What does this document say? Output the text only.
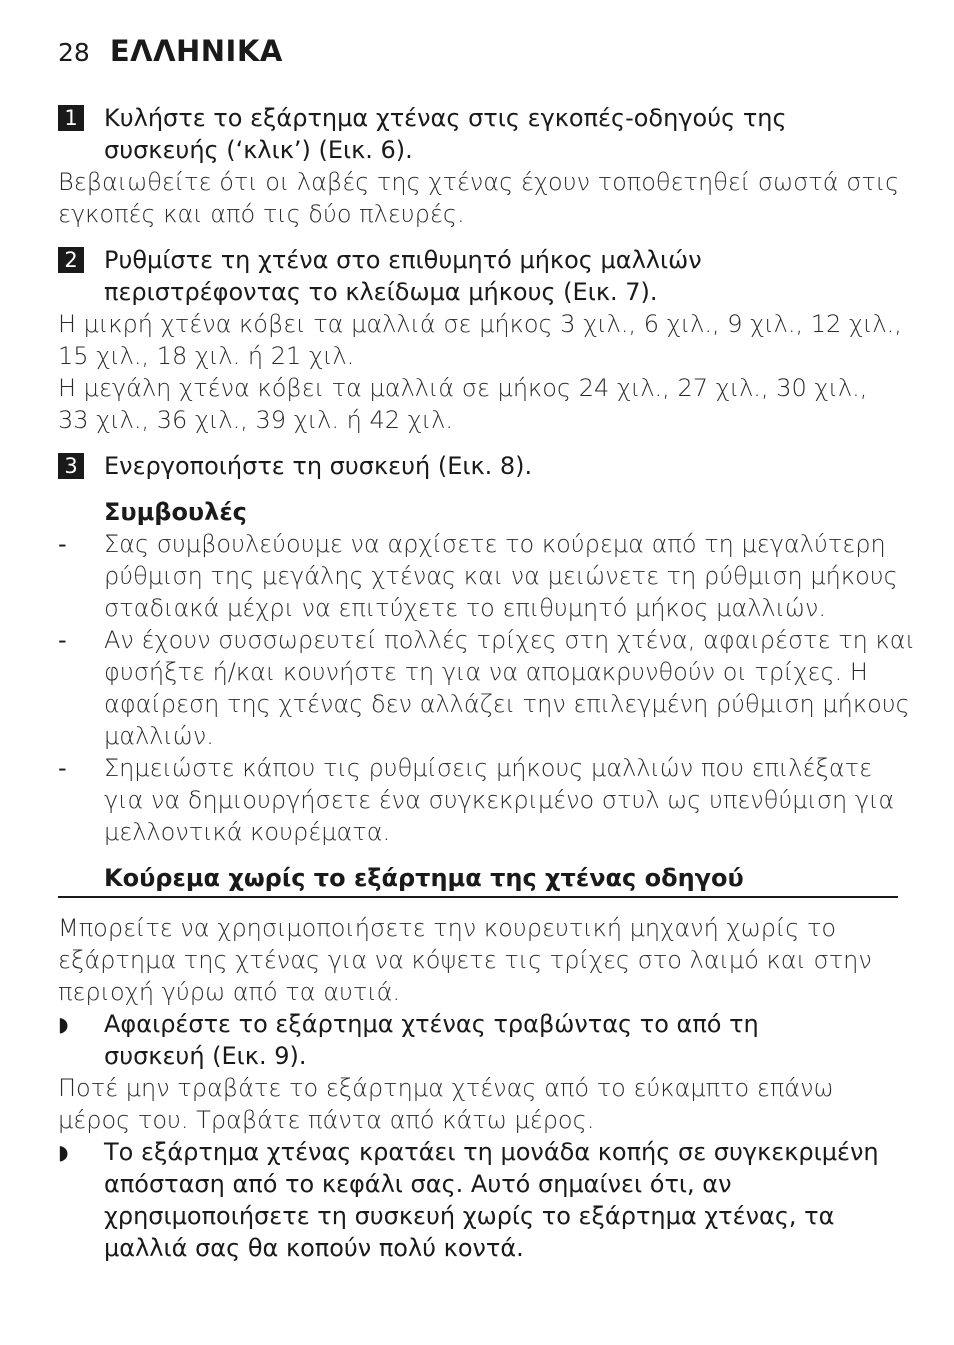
28 ΕΛΛΗΝΙΚΑ
1 Κυλήστε το εξάρτημα χτένας στις εγκοπές-οδηγούς της
συσκευής (‘κλικ’) (Εικ. 6).
Βεβαιωθείτε ότι οι λαβές της χτένας έχουν τοποθετηθεί σωστά στις
εγκοπές και από τις δύο πλευρές.
2 Ρυθμίστε τη χτένα στο επιθυμητό μήκος μαλλιών
περιστρέφοντας το κλείδωμα μήκους (Εικ. 7).
Η μικρή χτένα κόβει τα μαλλιά σε μήκος 3 χιλ., 6 χιλ., 9 χιλ., 12 χιλ.,
15 χιλ., 18 χιλ. ή 21 χιλ.
Η μεγάλη χτένα κόβει τα μαλλιά σε μήκος 24 χιλ., 27 χιλ., 30 χιλ.,
33 χιλ., 36 χιλ., 39 χιλ. ή 42 χιλ.
3 Ενεργοποιήστε τη συσκευή (Εικ. 8).
Συμβουλές
-	Σας συμβουλεύουμε να αρχίσετε το κούρεμα από τη μεγαλύτερη
ρύθμιση της μεγάλης χτένας και να μειώνετε τη ρύθμιση μήκους
σταδιακά μέχρι να επιτύχετε το επιθυμητό μήκος μαλλιών.
-	Αν έχουν συσσωρευτεί πολλές τρίχες στη χτένα, αφαιρέστε τη και
φυσήξτε ή/και κουνήστε τη για να απομακρυνθούν οι τρίχες. Η
αφαίρεση της χτένας δεν αλλάζει την επιλεγμένη ρύθμιση μήκους
μαλλιών.
-	Σημειώστε κάπου τις ρυθμίσεις μήκους μαλλιών που επιλέξατε
για να δημιουργήσετε ένα συγκεκριμένο στυλ ως υπενθύμιση για
μελλοντικά κουρέματα.
Κούρεμα χωρίς το εξάρτημα της χτένας οδηγού
Μπορείτε να χρησιμοποιήσετε την κουρευτική μηχανή χωρίς το
εξάρτημα της χτένας για να κόψετε τις τρίχες στο λαιμό και στην
περιοχή γύρω από τα αυτιά.
◗	Αφαιρέστε το εξάρτημα χτένας τραβώντας το από τη
συσκευή (Εικ. 9).
Ποτέ μην τραβάτε το εξάρτημα χτένας από το εύκαμπτο επάνω
μέρος του. Τραβάτε πάντα από κάτω μέρος.
◗	Το εξάρτημα χτένας κρατάει τη μονάδα κοπής σε συγκεκριμένη
απόσταση από το κεφάλι σας. Αυτό σημαίνει ότι, αν
χρησιμοποιήσετε τη συσκευή χωρίς το εξάρτημα χτένας, τα
μαλλιά σας θα κοπούν πολύ κοντά.
